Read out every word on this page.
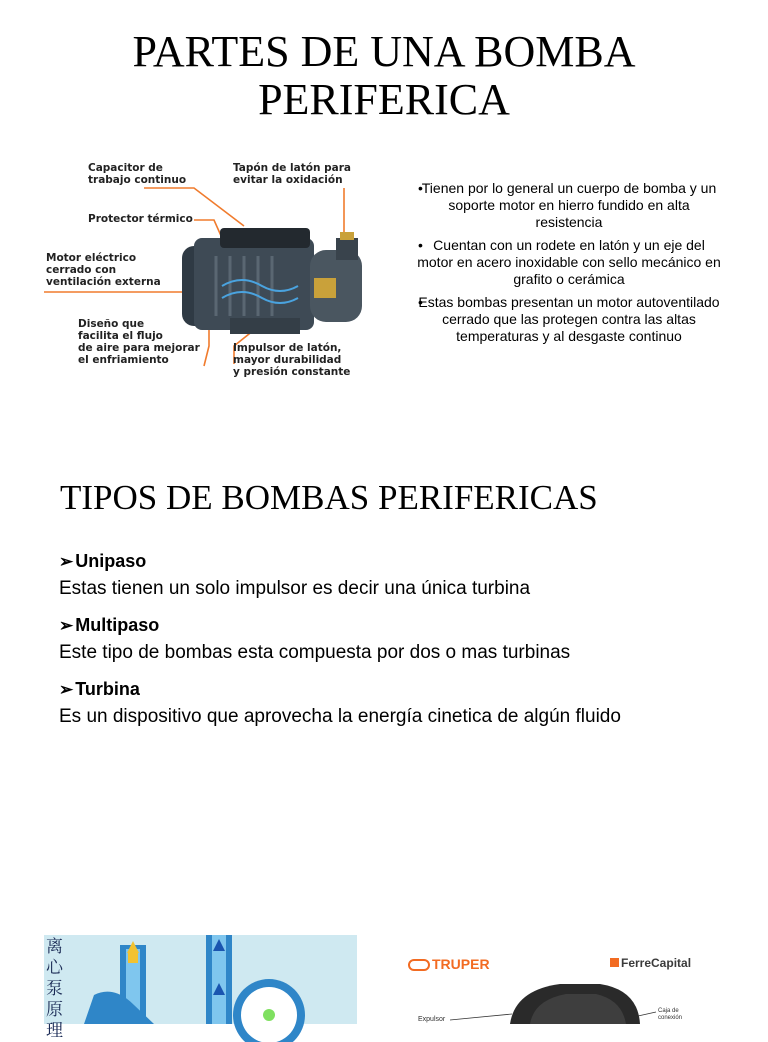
PARTES DE UNA BOMBA
PERIFERICA
Capacitor de
trabajo continuo
Tapón de latón para
evitar la oxidación
Protector térmico
Motor eléctrico
cerrado con
ventilación externa
Diseño que
facilita el flujo
de aire para mejorar
el enfriamiento
Impulsor de latón,
mayor durabilidad
y presión constante
• Tienen por lo general un cuerpo de bomba y un soporte motor en hierro fundido en alta resistencia
• Cuentan con un rodete en latón y un eje del motor en acero inoxidable con sello mecánico en grafito o cerámica
• Estas bombas presentan un motor autoventilado cerrado que las protegen contra las altas temperaturas y al desgaste continuo
TIPOS DE BOMBAS PERIFERICAS
➢ Unipaso
Estas tienen un solo impulsor es decir una única turbina
➢ Multipaso
Este tipo de bombas esta compuesta por dos o mas turbinas
➢ Turbina
Es un dispositivo que aprovecha la energía cinetica de algún fluido
离心泵原理
TRUPER	FerreCapital
Expulsor
Caja de
conexión
